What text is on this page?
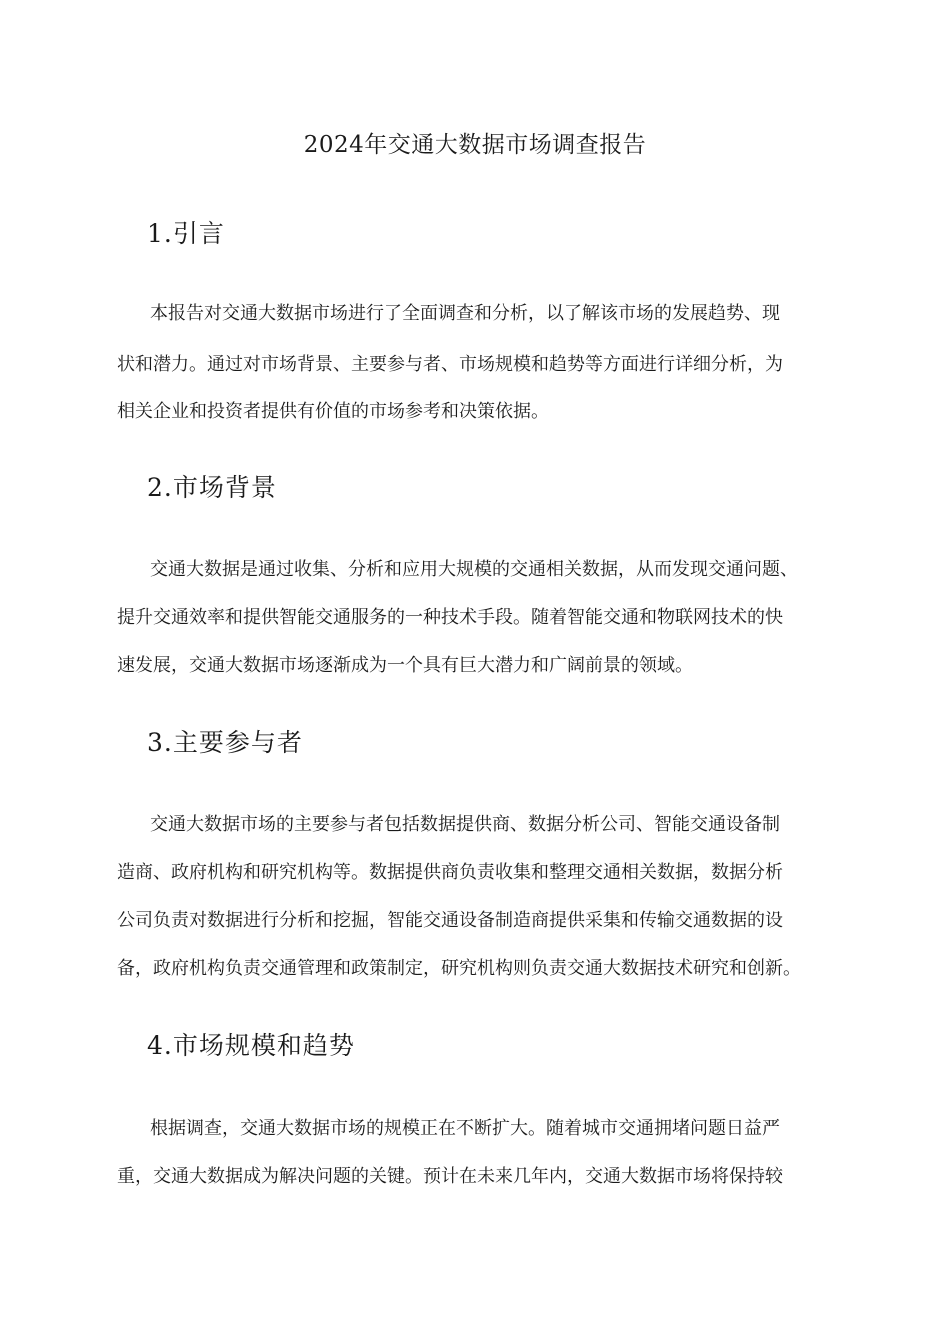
2024年交通大数据市场调查报告
1.引言
本报告对交通大数据市场进行了全面调查和分析，以了解该市场的发展趋势、现
状和潜力。通过对市场背景、主要参与者、市场规模和趋势等方面进行详细分析，为
相关企业和投资者提供有价值的市场参考和决策依据。
2.市场背景
交通大数据是通过收集、分析和应用大规模的交通相关数据，从而发现交通问题、
提升交通效率和提供智能交通服务的一种技术手段。随着智能交通和物联网技术的快
速发展，交通大数据市场逐渐成为一个具有巨大潜力和广阔前景的领域。
3.主要参与者
交通大数据市场的主要参与者包括数据提供商、数据分析公司、智能交通设备制
造商、政府机构和研究机构等。数据提供商负责收集和整理交通相关数据，数据分析
公司负责对数据进行分析和挖掘，智能交通设备制造商提供采集和传输交通数据的设
备，政府机构负责交通管理和政策制定，研究机构则负责交通大数据技术研究和创新。
4.市场规模和趋势
根据调查，交通大数据市场的规模正在不断扩大。随着城市交通拥堵问题日益严
重，交通大数据成为解决问题的关键。预计在未来几年内，交通大数据市场将保持较
